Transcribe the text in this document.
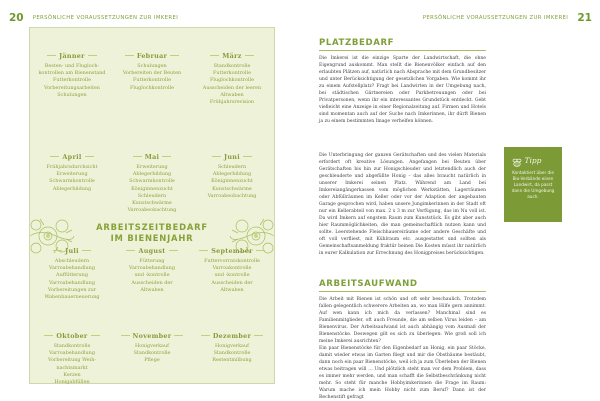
20 PERSÖNLICHE VORAUSSETZUNGEN ZUR IMKEREI	PERSÖNLICHE VORAUSSETZUNGEN ZUR IMKEREI 21
ARBEITSZEITBEDARF
IM BIENENJAHR
Jänner
Besten- und Flugloch-
kontrollen am Bienenstand
Futterkontrolle
Vorbereitungsarbeiten
Schulungen
Februar
Schulungen
Vorbereiten der Beuten
Futterkontrolle
Fluglochkontrolle
März
Standkontrolle
Futterkontrolle
Fluglochkontrolle
Ausscheiden der leeren
Altwaben
Frühjahrsrevision
April
Frühjahrsdurchsicht
Erweiterung
Schwarmkontrolle
Ablegerbildung
Mai
Erweiterung
Ablegerbildung
Schwarmkontrolle
Königinnenzucht
Schleudern
Kunstschwärme
Varroabeobachtung
Juni
Schleudern
Ablegerbildung
Königinnenzucht
Kunstschwärme
Varroabeobachtung
Juli
Abschleudern
Varroabehandlung
Auffütterung
Varroabehandlung
Vorbereitungen zur
Wabenbauerneuerung
August
Fütterung
Varroabehandlung
und -kontrolle
Ausscheiden der
Altwaben
September
Futtervorratskontrolle
Varroakontrolle
und -kontrolle
Ausscheiden der
Altwaben
Oktober
Standkontrolle
Varroabehandlung
Vorbereitung Weih-
nachtsmarkt
Kerzen
Honigabfüllen
November
Honigverkauf
Standkontrolle
Pflege
Dezember
Honigverkauf
Standkontrolle
Restentmilbung
Tipp
Kontaktiert über die Bio-Verbände einen Landwirt, da passt dann die Umgebung auch.
PLATZBEDARF

Die Imkerei ist die einzige Sparte der Landwirtschaft, die ohne Eigengrund auskommt. Man stellt die Bienenvölker einfach auf den erlaubten Plätzen auf, natürlich nach Absprache mit dem Grundbesitzer und unter Berücksichtigung der gesetzlichen Vorgaben. Wie kommt ihr zu einem Aufstellplatz? Fragt bei Landwirten in der Umgebung nach, bei städtischen Gärtnereien oder Parkbetreuungen oder bei Privatpersonen, wenn ihr ein interessantes Grundstück entdeckt. Gebt vielleicht eine Anzeige in einer Regionalzeitung auf. Firmen und Hotels sind momentan auch auf der Suche nach Imkerinnen, ihr dürft Bienen ja zu einem bestimmten Image verhelfen können.

Die Unterbringung der ganzen Gerätschaften und des vielen Materials erfordert oft kreative Lösungen. Angefangen bei Beuten über Gerätschaften bis hin zur Honigschleuder und letztendlich auch der geschleuderte und abgefüllte Honig – das alles braucht natürlich in unserer Imkerei seinen Platz. Während am Land bei Imkereiangängerkassen vom möglichen Werkstätten, Lagerräumen oder Abfüllräumen im Keller oder vor der Adaption der angebauten Garage gesprochen wird, haben unsere Jungimkerinnen in der Stadt oft nur ein Kellerabteil von max. 2 x 3 m zur Verfügung, das im Nu voll ist. Da wird Imkern auf engstem Raum zum Kunststück. Es gibt aber auch hier Raummöglichkeiten, die man gemeinschaftlich nutzen kann und sollte. Leerstehende Fleischhauereiräume oder andere Geschäfte und oft voll verfliest, mit Kühlraum etc. ausgestattet und sollten als Gemeinschaftsanmeldung fraktür beinen Die Kosten müsst ihr natürlich in eurer Kalkulation zur Errechnung des Honigpreises berücksichtigen.

ARBEITSAUFWAND

Die Arbeit mit Bienen ist schön und oft sehr beschaulich. Trotzdem fallen gelegentlich schwerere Arbeiten an, wo man Hilfe gern annimmt. Auf wen kann ich mich da verlassen? Manchmal sind es Familienmitglieder, oft auch Freunde, die am selben Virus leiden – am Bienenvirus. Der Arbeitsaufwand ist auch abhängig vom Ausmaß der Bienenstöcke. Deswegen gilt es sich zu überlegen: Wie groß soll ich meine Imkerei ausrichten?

Ein paar Bienenstöcke für den Eigenbedarf an Honig, ein paar Stöcke, damit wieder etwas im Garten fliegt und mir die Obstbäume bestäubt, dann noch ein paar Bienenstöcke, weil ich ja zum Überleben der Bienen etwas beitragen will … Und plötzlich steht man vor dem Problem, dass es immer mehr werden, und man schafft die Selbstbeschränkung nicht mehr. So steht für manche Hobbyimkerinnen die Frage im Raum: Warum mache ich mein Hobby nicht zum Beruf? Dann ist der Rechenstift gefragt
